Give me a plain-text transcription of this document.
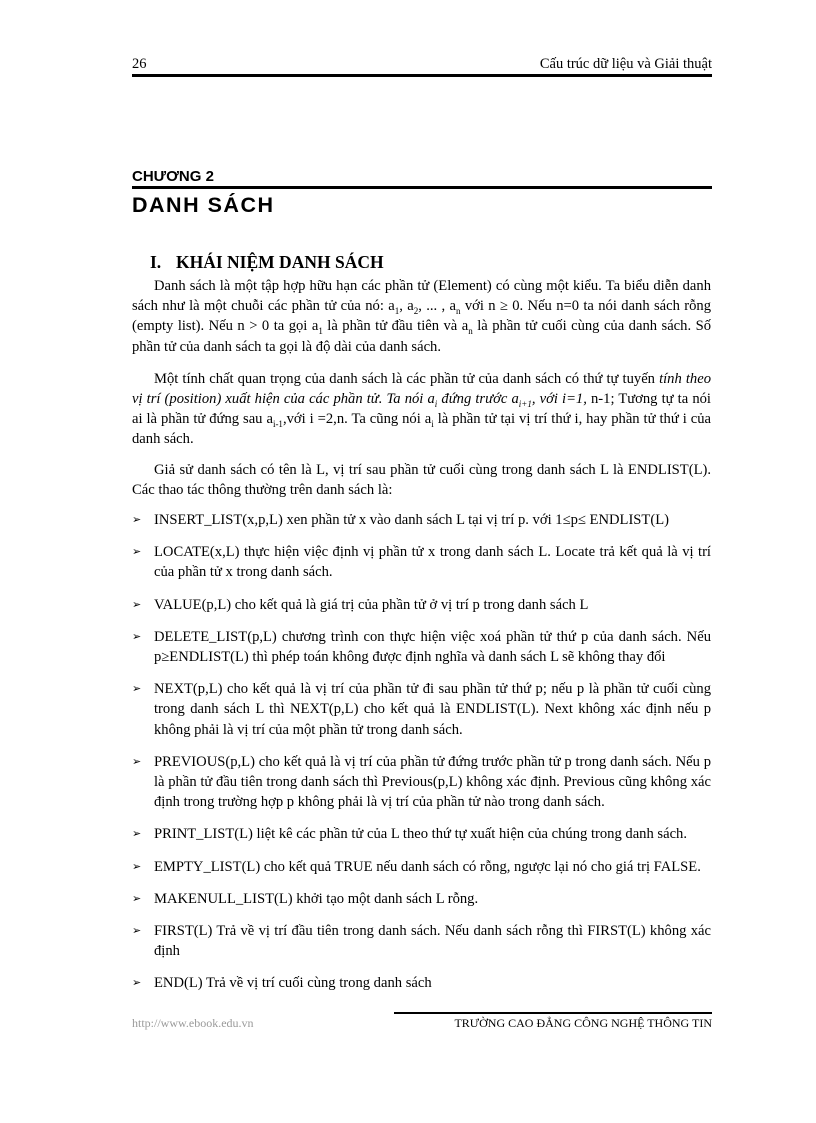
26	Cấu trúc dữ liệu và Giải thuật
CHƯƠNG 2
DANH SÁCH
I. KHÁI NIỆM DANH SÁCH

Danh sách là một tập hợp hữu hạn các phần tử (Element) có cùng một kiểu. Ta biểu diễn danh sách như là một chuỗi các phần tử của nó: $a_1$, $a_2$, ... , $a_n$ với n ≥ 0. Nếu n=0 ta nói danh sách rỗng (empty list). Nếu n > 0 ta gọi $a_1$ là phần tử đầu tiên và $a_n$ là phần tử cuối cùng của danh sách. Số phần tử của danh sách ta gọi là độ dài của danh sách.

Một tính chất quan trọng của danh sách là các phần tử của danh sách có thứ tự tuyến tính theo vị trí (position) xuất hiện của các phần tử. Ta nói $a_i$ đứng trước $a_{i+1}$, với i=1, n-1; Tương tự ta nói ai là phần tử đứng sau $a_{i-1},với$ i =2,n. Ta cũng nói $a_i$ là phần tử tại vị trí thứ i, hay phần tử thứ i của danh sách.

Giả sử danh sách có tên là L, vị trí sau phần tử cuối cùng trong danh sách L là ENDLIST(L). Các thao tác thông thường trên danh sách là:

➢ INSERT_LIST(x,p,L) xen phần tử x vào danh sách L tại vị trí p. với 1≤p≤ ENDLIST(L)
➢ LOCATE(x,L) thực hiện việc định vị phần tử x trong danh sách L. Locate trả kết quả là vị trí của phần tử x trong danh sách.
➢ VALUE(p,L) cho kết quả là giá trị của phần tử ở vị trí p trong danh sách L
➢ DELETE_LIST(p,L) chương trình con thực hiện việc xoá phần tử thứ p của danh sách. Nếu p≥ENDLIST(L) thì phép toán không được định nghĩa và danh sách L sẽ không thay đổi
➢ NEXT(p,L) cho kết quả là vị trí của phần tử đi sau phần tử thứ p; nếu p là phần tử cuối cùng trong danh sách L thì NEXT(p,L) cho kết quả là ENDLIST(L). Next không xác định nếu p không phải là vị trí của một phần tử trong danh sách.
➢ PREVIOUS(p,L) cho kết quả là vị trí của phần tử đứng trước phần tử p trong danh sách. Nếu p là phần tử đầu tiên trong danh sách thì Previous(p,L) không xác định. Previous cũng không xác định trong trường hợp p không phải là vị trí của phần tử nào trong danh sách.
➢ PRINT_LIST(L) liệt kê các phần tử của L theo thứ tự xuất hiện của chúng trong danh sách.
➢ EMPTY_LIST(L) cho kết quả TRUE nếu danh sách có rỗng, ngược lại nó cho giá trị FALSE.
➢ MAKENULL_LIST(L) khởi tạo một danh sách L rỗng.
➢ FIRST(L) Trả về vị trí đầu tiên trong danh sách. Nếu danh sách rỗng thì FIRST(L) không xác định
➢ END(L) Trả về vị trí cuối cùng trong danh sách
http://www.ebook.edu.vn	TRƯỜNG CAO ĐẲNG CÔNG NGHỆ THÔNG TIN
